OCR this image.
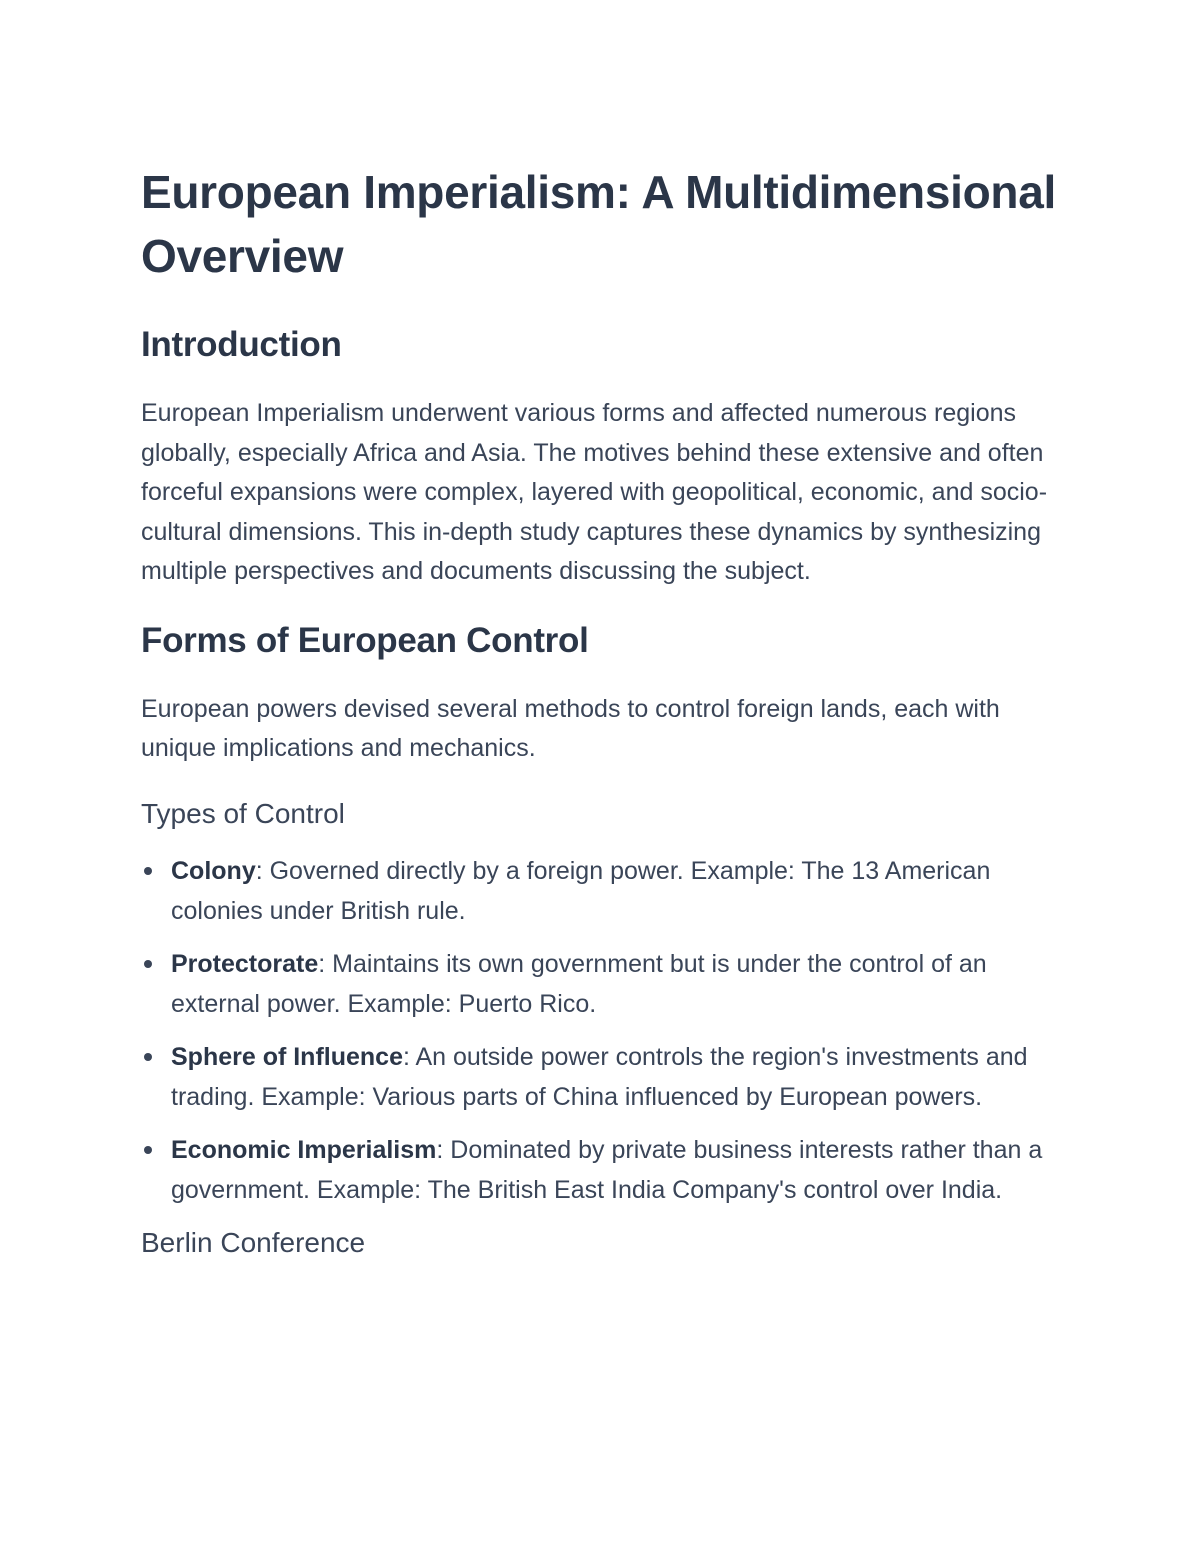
European Imperialism: A Multidimensional Overview
Introduction

European Imperialism underwent various forms and affected numerous regions globally, especially Africa and Asia. The motives behind these extensive and often forceful expansions were complex, layered with geopolitical, economic, and socio-cultural dimensions. This in-depth study captures these dynamics by synthesizing multiple perspectives and documents discussing the subject.

Forms of European Control

European powers devised several methods to control foreign lands, each with unique implications and mechanics.

Types of Control
Colony: Governed directly by a foreign power. Example: The 13 American colonies under British rule.
Protectorate: Maintains its own government but is under the control of an external power. Example: Puerto Rico.
Sphere of Influence: An outside power controls the region's investments and trading. Example: Various parts of China influenced by European powers.
Economic Imperialism: Dominated by private business interests rather than a government. Example: The British East India Company's control over India.
Berlin Conference
